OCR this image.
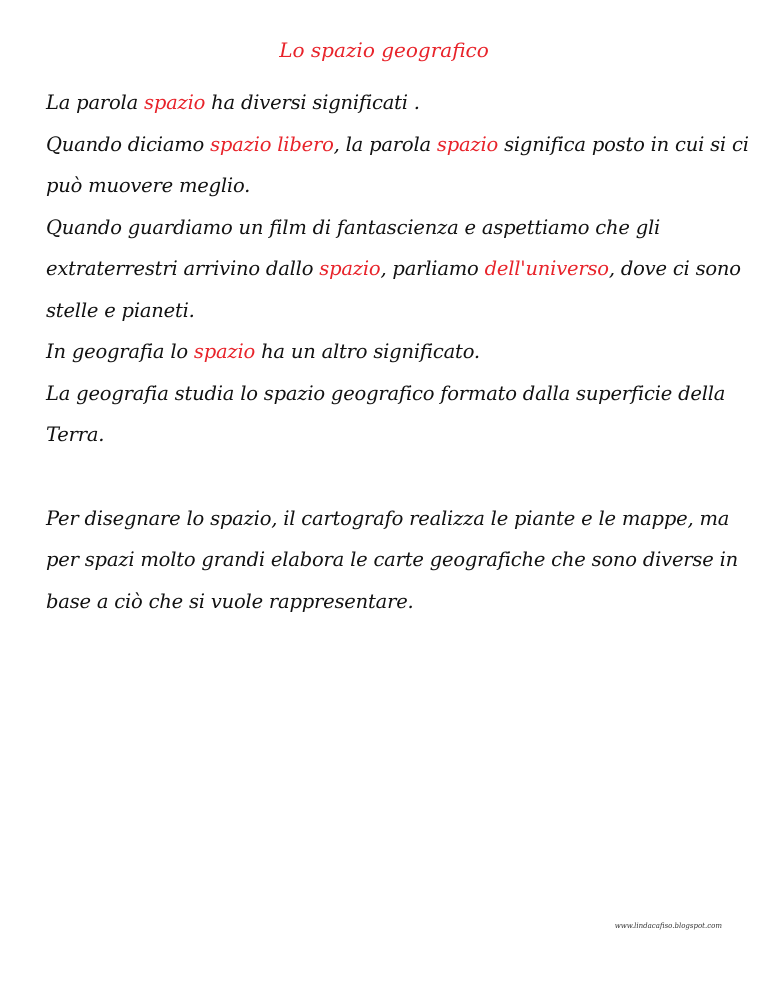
Lo spazio geografico
La parola spazio ha diversi significati .
Quando diciamo spazio libero, la parola spazio significa posto in cui si ci
può muovere meglio.
Quando guardiamo un film di fantascienza e aspettiamo che gli
extraterrestri arrivino dallo spazio, parliamo dell'universo, dove ci sono
stelle e pianeti.
In geografia lo spazio ha un altro significato.
La geografia studia lo spazio geografico formato dalla superficie della
Terra.
Per disegnare lo spazio, il cartografo realizza le piante e le mappe, ma
per spazi molto grandi elabora le carte geografiche che sono diverse in
base a ciò che si vuole rappresentare.
www.lindacafiso.blogspot.com
